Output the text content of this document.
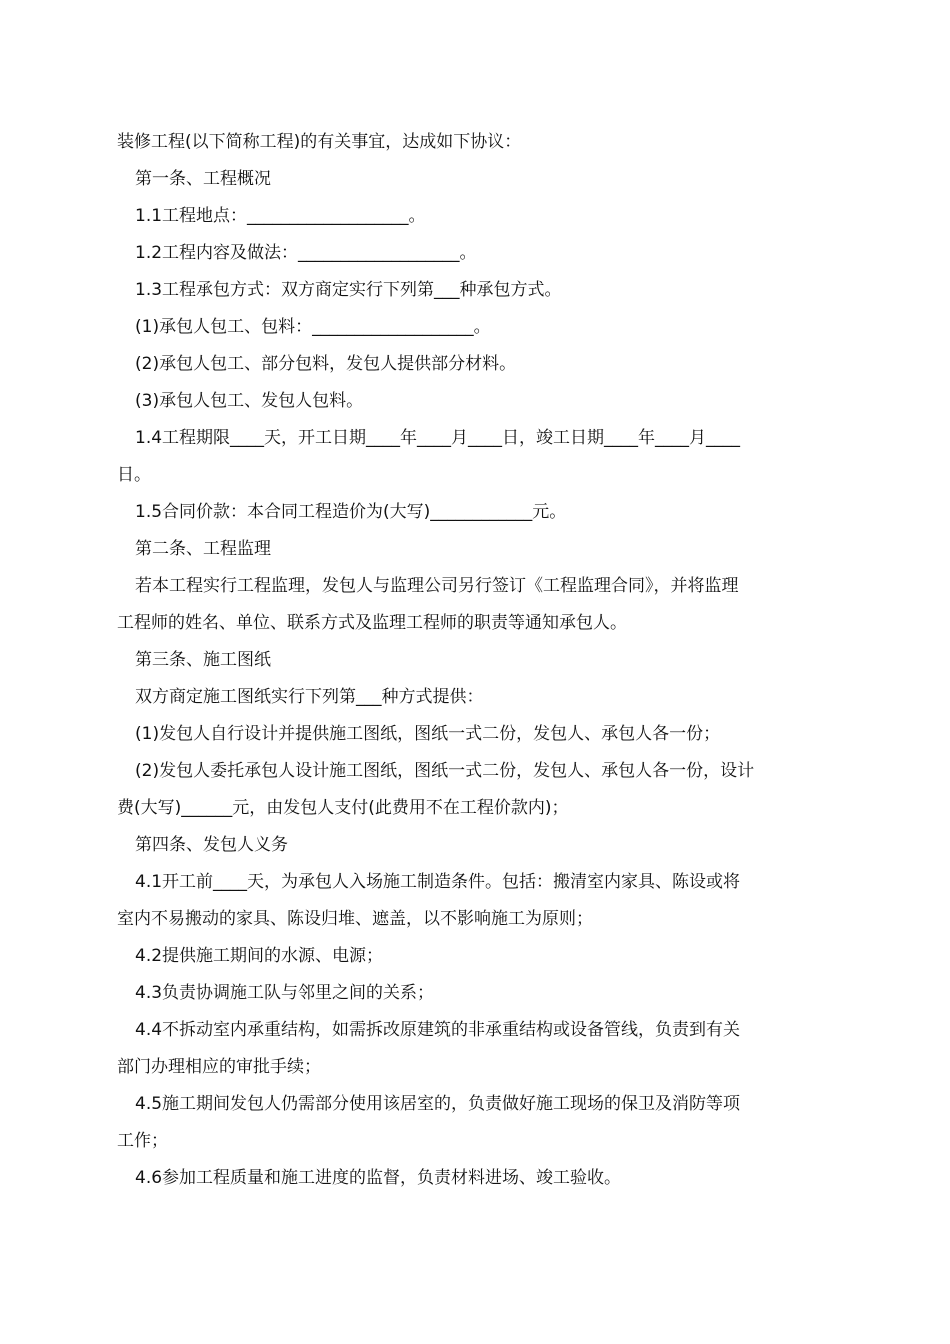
装修工程(以下简称工程)的有关事宜，达成如下协议：
第一条、工程概况
1.1工程地点：___________________。
1.2工程内容及做法：___________________。
1.3工程承包方式：双方商定实行下列第___种承包方式。
(1)承包人包工、包料：___________________。
(2)承包人包工、部分包料，发包人提供部分材料。
(3)承包人包工、发包人包料。
1.4工程期限____天，开工日期____年____月____日，竣工日期____年____月____
日。
1.5合同价款：本合同工程造价为(大写)____________元。
第二条、工程监理
若本工程实行工程监理，发包人与监理公司另行签订《工程监理合同》，并将监理
工程师的姓名、单位、联系方式及监理工程师的职责等通知承包人。
第三条、施工图纸
双方商定施工图纸实行下列第___种方式提供：
(1)发包人自行设计并提供施工图纸，图纸一式二份，发包人、承包人各一份；
(2)发包人委托承包人设计施工图纸，图纸一式二份，发包人、承包人各一份，设计
费(大写)______元，由发包人支付(此费用不在工程价款内)；
第四条、发包人义务
4.1开工前____天，为承包人入场施工制造条件。包括：搬清室内家具、陈设或将
室内不易搬动的家具、陈设归堆、遮盖，以不影响施工为原则；
4.2提供施工期间的水源、电源；
4.3负责协调施工队与邻里之间的关系；
4.4不拆动室内承重结构，如需拆改原建筑的非承重结构或设备管线，负责到有关
部门办理相应的审批手续；
4.5施工期间发包人仍需部分使用该居室的，负责做好施工现场的保卫及消防等项
工作；
4.6参加工程质量和施工进度的监督，负责材料进场、竣工验收。
